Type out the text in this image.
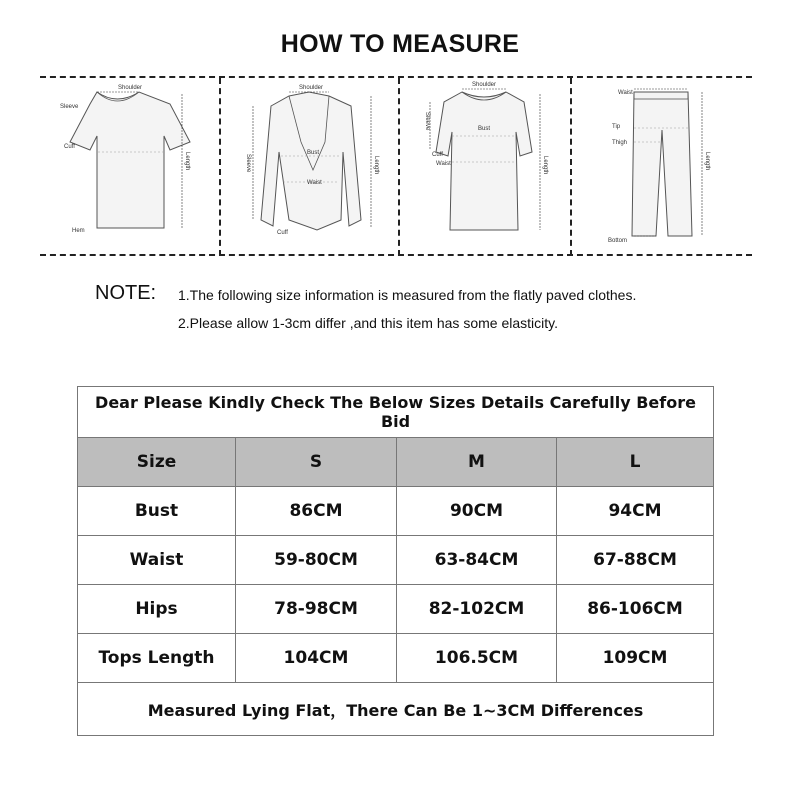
HOW TO MEASURE
Shoulder
Sleeve
Cuff
Length
Hem
Shoulder
Sleeve
Bust
Waist
Length
Cuff
Shoulder
Sleeve	Bust
Cuff
Waist	Length
Waist
Tip
Thigh
Length
Bottom
NOTE: 1.The following size information is measured from the flatly paved clothes.
2.Please allow 1-3cm differ ,and this item has some elasticity.
Dear Please Kindly Check The Below Sizes Details Carefully Before Bid			
Size	S	M	L
Bust	86CM	90CM	94CM
Waist	59-80CM	63-84CM	67-88CM
Hips	78-98CM	82-102CM	86-106CM
Tops Length	104CM	106.5CM	109CM
Measured Lying Flat，There Can Be 1~3CM Differences			
